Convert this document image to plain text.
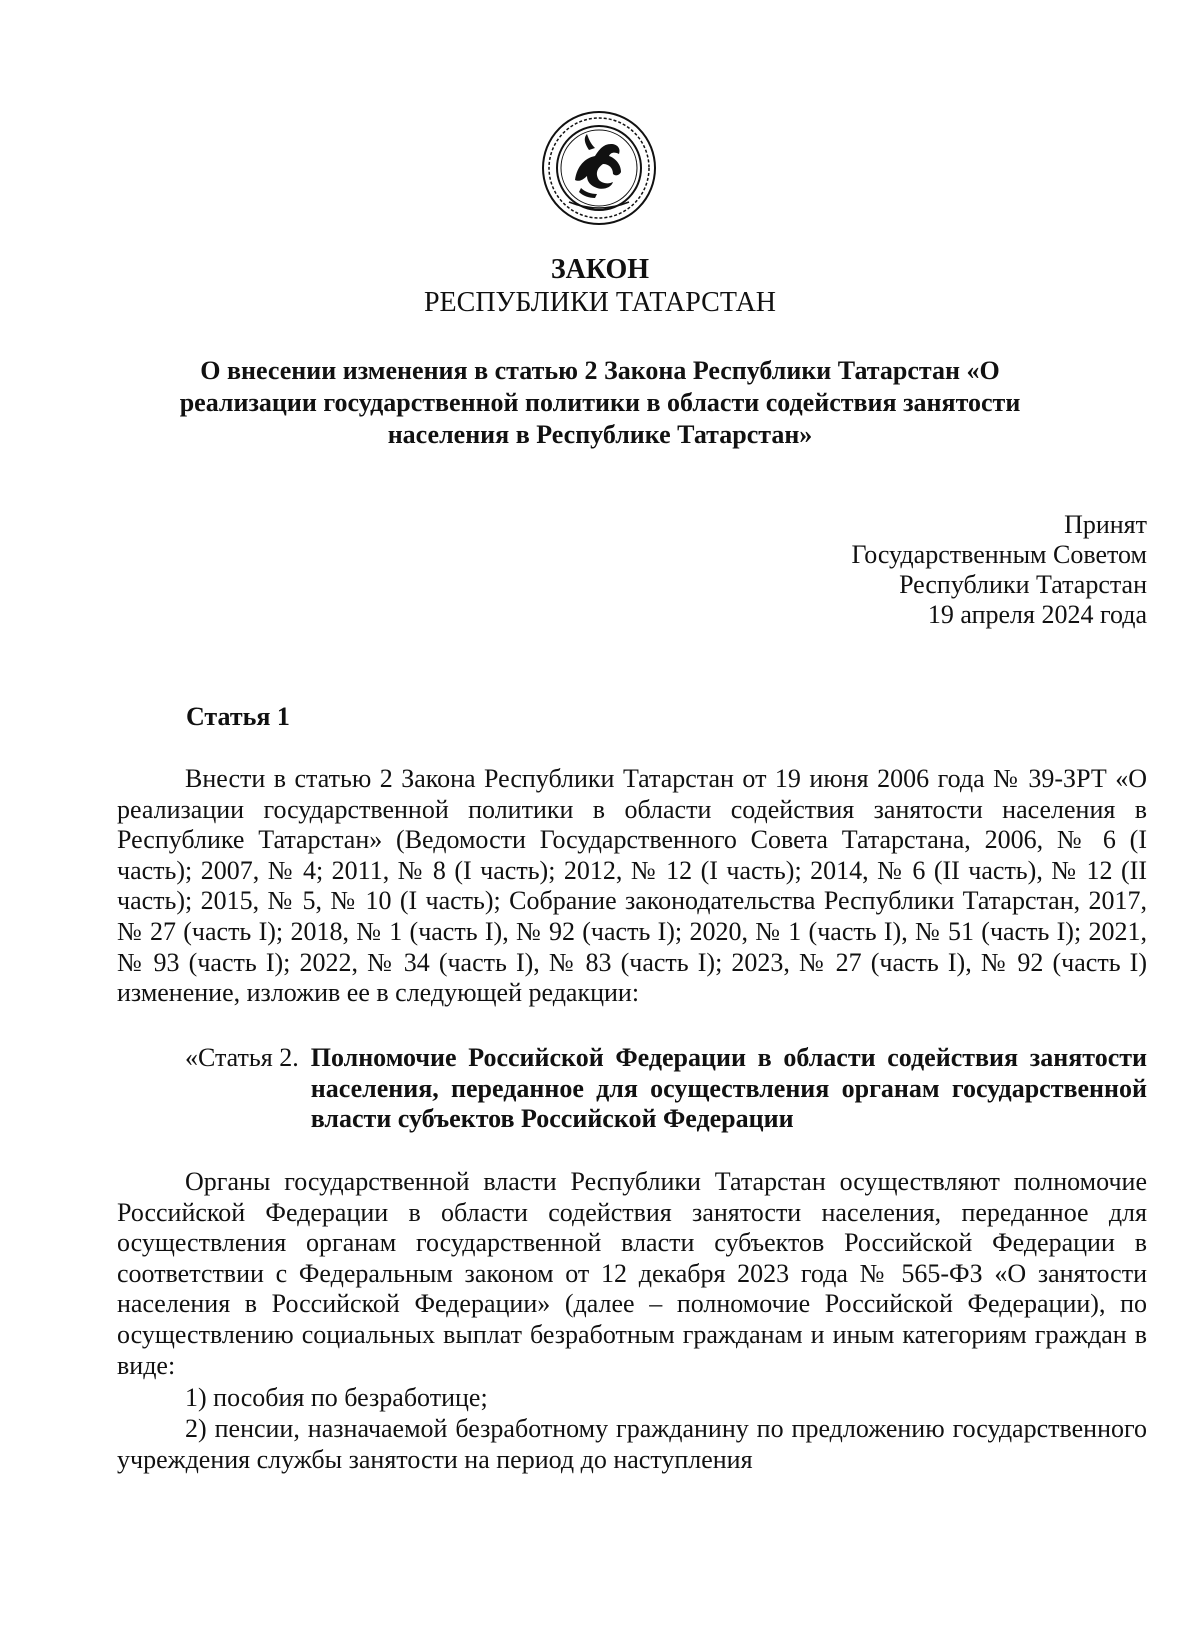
ЗАКОН
РЕСПУБЛИКИ ТАТАРСТАН
О внесении изменения в статью 2 Закона Республики Татарстан «О реализации государственной политики в области содействия занятости населения в Республике Татарстан»
Принят
Государственным Советом
Республики Татарстан
19 апреля 2024 года
Статья 1

Внести в статью 2 Закона Республики Татарстан от 19 июня 2006 года № 39-ЗРТ «О реализации государственной политики в области содействия занятости населения в Республике Татарстан» (Ведомости Государственного Совета Татарстана, 2006, № 6 (I часть); 2007, № 4; 2011, № 8 (I часть); 2012, № 12 (I часть); 2014, № 6 (II часть), № 12 (II часть); 2015, № 5, № 10 (I часть); Собрание законодательства Республики Татарстан, 2017, № 27 (часть I); 2018, № 1 (часть I), № 92 (часть I); 2020, № 1 (часть I), № 51 (часть I); 2021, № 93 (часть I); 2022, № 34 (часть I), № 83 (часть I); 2023, № 27 (часть I), № 92 (часть I) изменение, изложив ее в следующей редакции:

«Статья 2. Полномочие Российской Федерации в области содействия занятости населения, переданное для осуществления органам государственной власти субъектов Российской Федерации

Органы государственной власти Республики Татарстан осуществляют полномочие Российской Федерации в области содействия занятости населения, переданное для осуществления органам государственной власти субъектов Российской Федерации в соответствии с Федеральным законом от 12 декабря 2023 года № 565-ФЗ «О занятости населения в Российской Федерации» (далее – полномочие Российской Федерации), по осуществлению социальных выплат безработным гражданам и иным категориям граждан в виде:

1) пособия по безработице;

2) пенсии, назначаемой безработному гражданину по предложению государственного учреждения службы занятости на период до наступления
